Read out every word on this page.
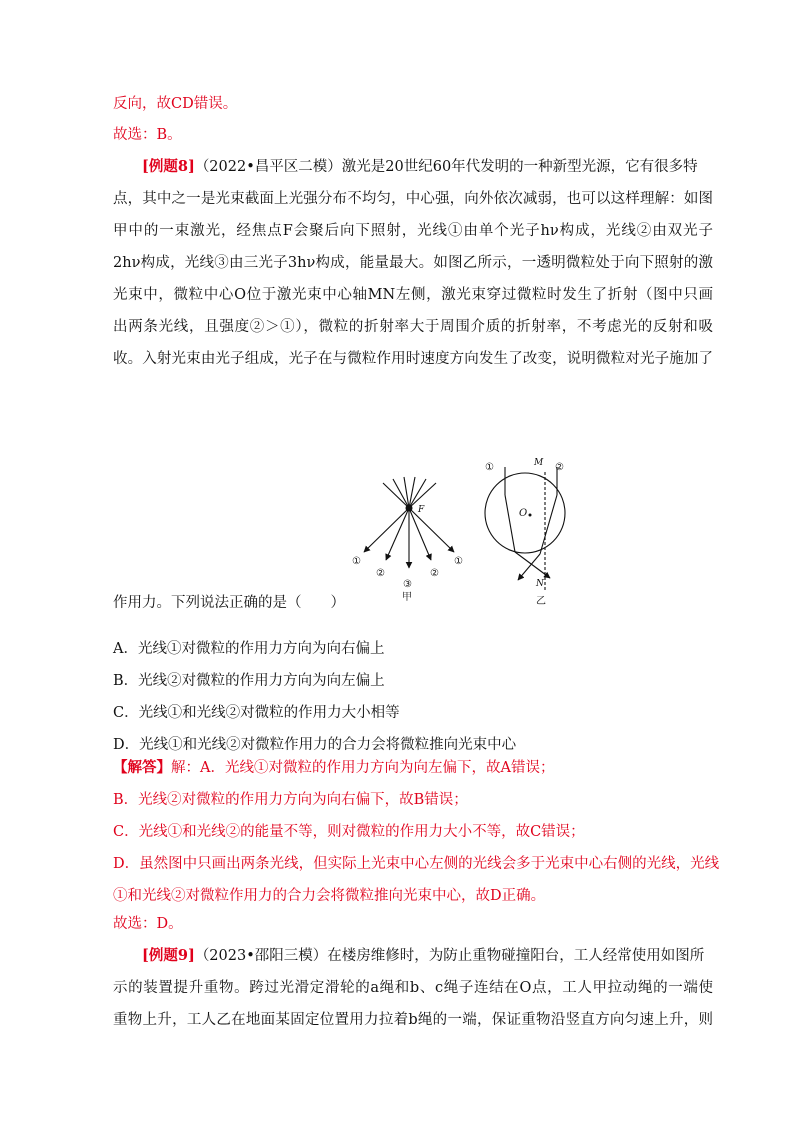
反向，故CD错误。
故选：B。
[例题8]（2022•昌平区二模）激光是20世纪60年代发明的一种新型光源，它有很多特
点，其中之一是光束截面上光强分布不均匀，中心强，向外依次减弱，也可以这样理解：如图
甲中的一束激光，经焦点F会聚后向下照射，光线①由单个光子hν构成，光线②由双光子
2hν构成，光线③由三光子3hν构成，能量最大。如图乙所示，一透明微粒处于向下照射的激
光束中，微粒中心O位于激光束中心轴MN左侧，激光束穿过微粒时发生了折射（图中只画
出两条光线，且强度②＞①），微粒的折射率大于周围介质的折射率，不考虑光的反射和吸
收。入射光束由光子组成，光子在与微粒作用时速度方向发生了改变，说明微粒对光子施加了
F
①
②
③
②
①
甲
①	②
M
N
O
乙
作用力。下列说法正确的是（　　）
A．光线①对微粒的作用力方向为向右偏上
B．光线②对微粒的作用力方向为向左偏上
C．光线①和光线②对微粒的作用力大小相等
D．光线①和光线②对微粒作用力的合力会将微粒推向光束中心
【解答】解：A．光线①对微粒的作用力方向为向左偏下，故A错误；
B．光线②对微粒的作用力方向为向右偏下，故B错误；
C．光线①和光线②的能量不等，则对微粒的作用力大小不等，故C错误；
D．虽然图中只画出两条光线，但实际上光束中心左侧的光线会多于光束中心右侧的光线，光线
①和光线②对微粒作用力的合力会将微粒推向光束中心，故D正确。
故选：D。
[例题9]（2023•邵阳三模）在楼房维修时，为防止重物碰撞阳台，工人经常使用如图所
示的装置提升重物。跨过光滑定滑轮的a绳和b、c绳子连结在O点，工人甲拉动绳的一端使
重物上升，工人乙在地面某固定位置用力拉着b绳的一端，保证重物沿竖直方向匀速上升，则
